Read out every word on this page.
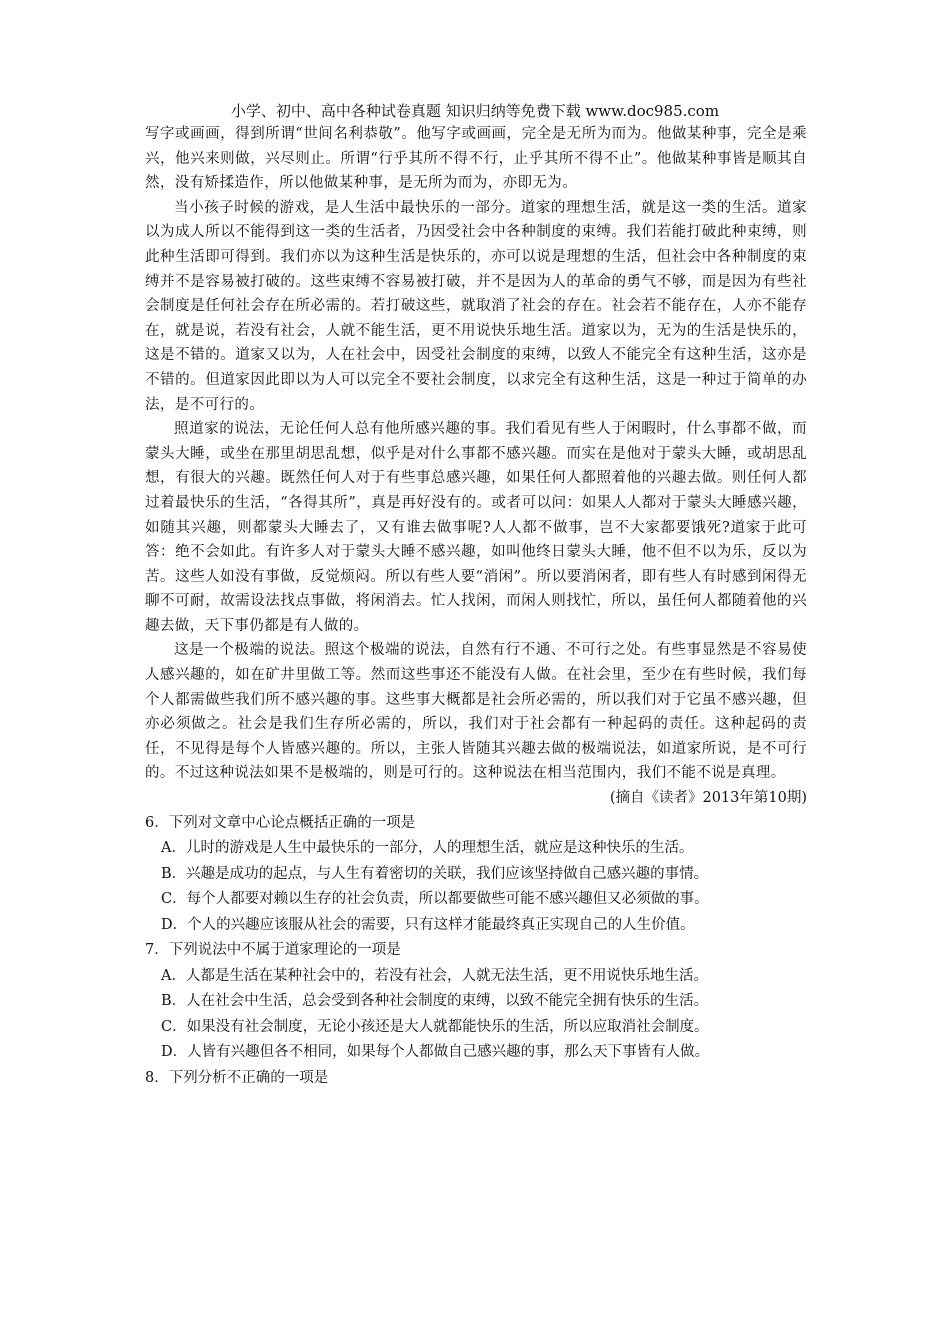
小学、初中、高中各种试卷真题 知识归纳等免费下载 www.doc985.com

写字或画画，得到所谓“世间名利恭敬”。他写字或画画，完全是无所为而为。他做某种事，完全是乘兴，他兴来则做，兴尽则止。所谓“行乎其所不得不行，止乎其所不得不止”。他做某种事皆是顺其自然，没有矫揉造作，所以他做某种事，是无所为而为，亦即无为。

当小孩子时候的游戏，是人生活中最快乐的一部分。道家的理想生活，就是这一类的生活。道家以为成人所以不能得到这一类的生活者，乃因受社会中各种制度的束缚。我们若能打破此种束缚，则此种生活即可得到。我们亦以为这种生活是快乐的，亦可以说是理想的生活，但社会中各种制度的束缚并不是容易被打破的。这些束缚不容易被打破，并不是因为人的革命的勇气不够，而是因为有些社会制度是任何社会存在所必需的。若打破这些，就取消了社会的存在。社会若不能存在，人亦不能存在，就是说，若没有社会，人就不能生活，更不用说快乐地生活。道家以为，无为的生活是快乐的，这是不错的。道家又以为，人在社会中，因受社会制度的束缚，以致人不能完全有这种生活，这亦是不错的。但道家因此即以为人可以完全不要社会制度，以求完全有这种生活，这是一种过于简单的办法，是不可行的。

照道家的说法，无论任何人总有他所感兴趣的事。我们看见有些人于闲暇时，什么事都不做，而蒙头大睡，或坐在那里胡思乱想，似乎是对什么事都不感兴趣。而实在是他对于蒙头大睡，或胡思乱想，有很大的兴趣。既然任何人对于有些事总感兴趣，如果任何人都照着他的兴趣去做。则任何人都过着最快乐的生活，“各得其所”，真是再好没有的。或者可以问：如果人人都对于蒙头大睡感兴趣，如随其兴趣，则都蒙头大睡去了，又有谁去做事呢?人人都不做事，岂不大家都要饿死?道家于此可答：绝不会如此。有许多人对于蒙头大睡不感兴趣，如叫他终日蒙头大睡，他不但不以为乐，反以为苦。这些人如没有事做，反觉烦闷。所以有些人要“消闲”。所以要消闲者，即有些人有时感到闲得无聊不可耐，故需设法找点事做，将闲消去。忙人找闲，而闲人则找忙，所以，虽任何人都随着他的兴趣去做，天下事仍都是有人做的。

这是一个极端的说法。照这个极端的说法，自然有行不通、不可行之处。有些事显然是不容易使人感兴趣的，如在矿井里做工等。然而这些事还不能没有人做。在社会里，至少在有些时候，我们每个人都需做些我们所不感兴趣的事。这些事大概都是社会所必需的，所以我们对于它虽不感兴趣，但亦必须做之。社会是我们生存所必需的，所以，我们对于社会都有一种起码的责任。这种起码的责任，不见得是每个人皆感兴趣的。所以，主张人皆随其兴趣去做的极端说法，如道家所说，是不可行的。不过这种说法如果不是极端的，则是可行的。这种说法在相当范围内，我们不能不说是真理。

(摘自《读者》2013年第10期)

6．下列对文章中心论点概括正确的一项是

A．儿时的游戏是人生中最快乐的一部分，人的理想生活，就应是这种快乐的生活。

B．兴趣是成功的起点，与人生有着密切的关联，我们应该坚持做自己感兴趣的事情。

C．每个人都要对赖以生存的社会负责，所以都要做些可能不感兴趣但又必须做的事。

D．个人的兴趣应该服从社会的需要，只有这样才能最终真正实现自己的人生价值。

7．下列说法中不属于道家理论的一项是

A．人都是生活在某种社会中的，若没有社会，人就无法生活，更不用说快乐地生活。

B．人在社会中生活，总会受到各种社会制度的束缚，以致不能完全拥有快乐的生活。

C．如果没有社会制度，无论小孩还是大人就都能快乐的生活，所以应取消社会制度。

D．人皆有兴趣但各不相同，如果每个人都做自己感兴趣的事，那么天下事皆有人做。

8．下列分析不正确的一项是
